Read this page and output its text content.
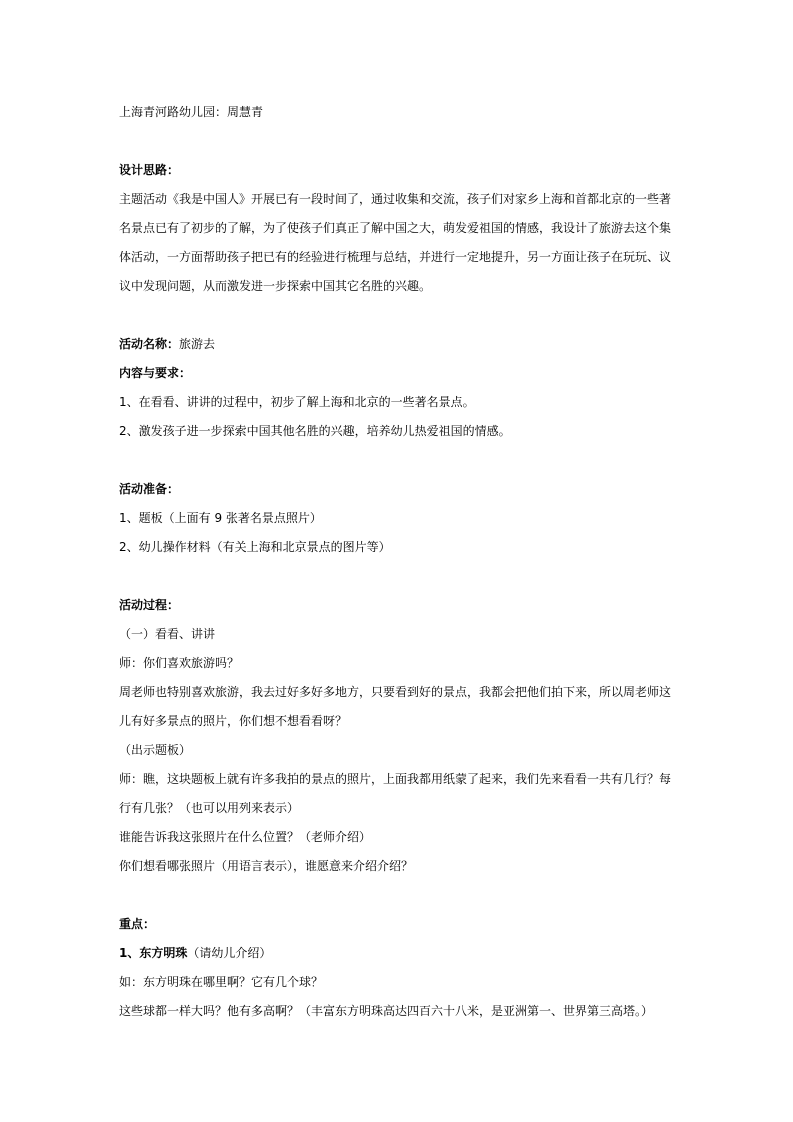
上海青河路幼儿园：周慧青

设计思路：

主题活动《我是中国人》开展已有一段时间了，通过收集和交流，孩子们对家乡上海和首都北京的一些著

名景点已有了初步的了解，为了使孩子们真正了解中国之大，萌发爱祖国的情感，我设计了旅游去这个集

体活动，一方面帮助孩子把已有的经验进行梳理与总结，并进行一定地提升，另一方面让孩子在玩玩、议

议中发现问题，从而激发进一步探索中国其它名胜的兴趣。

活动名称：旅游去

内容与要求：

1、在看看、讲讲的过程中，初步了解上海和北京的一些著名景点。

2、激发孩子进一步探索中国其他名胜的兴趣，培养幼儿热爱祖国的情感。

活动准备：

1、题板（上面有 9 张著名景点照片）

2、幼儿操作材料（有关上海和北京景点的图片等）

活动过程：

（一）看看、讲讲

师：你们喜欢旅游吗？

周老师也特别喜欢旅游，我去过好多好多地方，只要看到好的景点，我都会把他们拍下来，所以周老师这

儿有好多景点的照片，你们想不想看看呀？

（出示题板）

师：瞧，这块题板上就有许多我拍的景点的照片，上面我都用纸蒙了起来，我们先来看看一共有几行？每

行有几张？（也可以用列来表示）

谁能告诉我这张照片在什么位置？（老师介绍）

你们想看哪张照片（用语言表示），谁愿意来介绍介绍？

重点：

1、东方明珠（请幼儿介绍）

如：东方明珠在哪里啊？它有几个球？

这些球都一样大吗？他有多高啊？（丰富东方明珠高达四百六十八米，是亚洲第一、世界第三高塔。）
